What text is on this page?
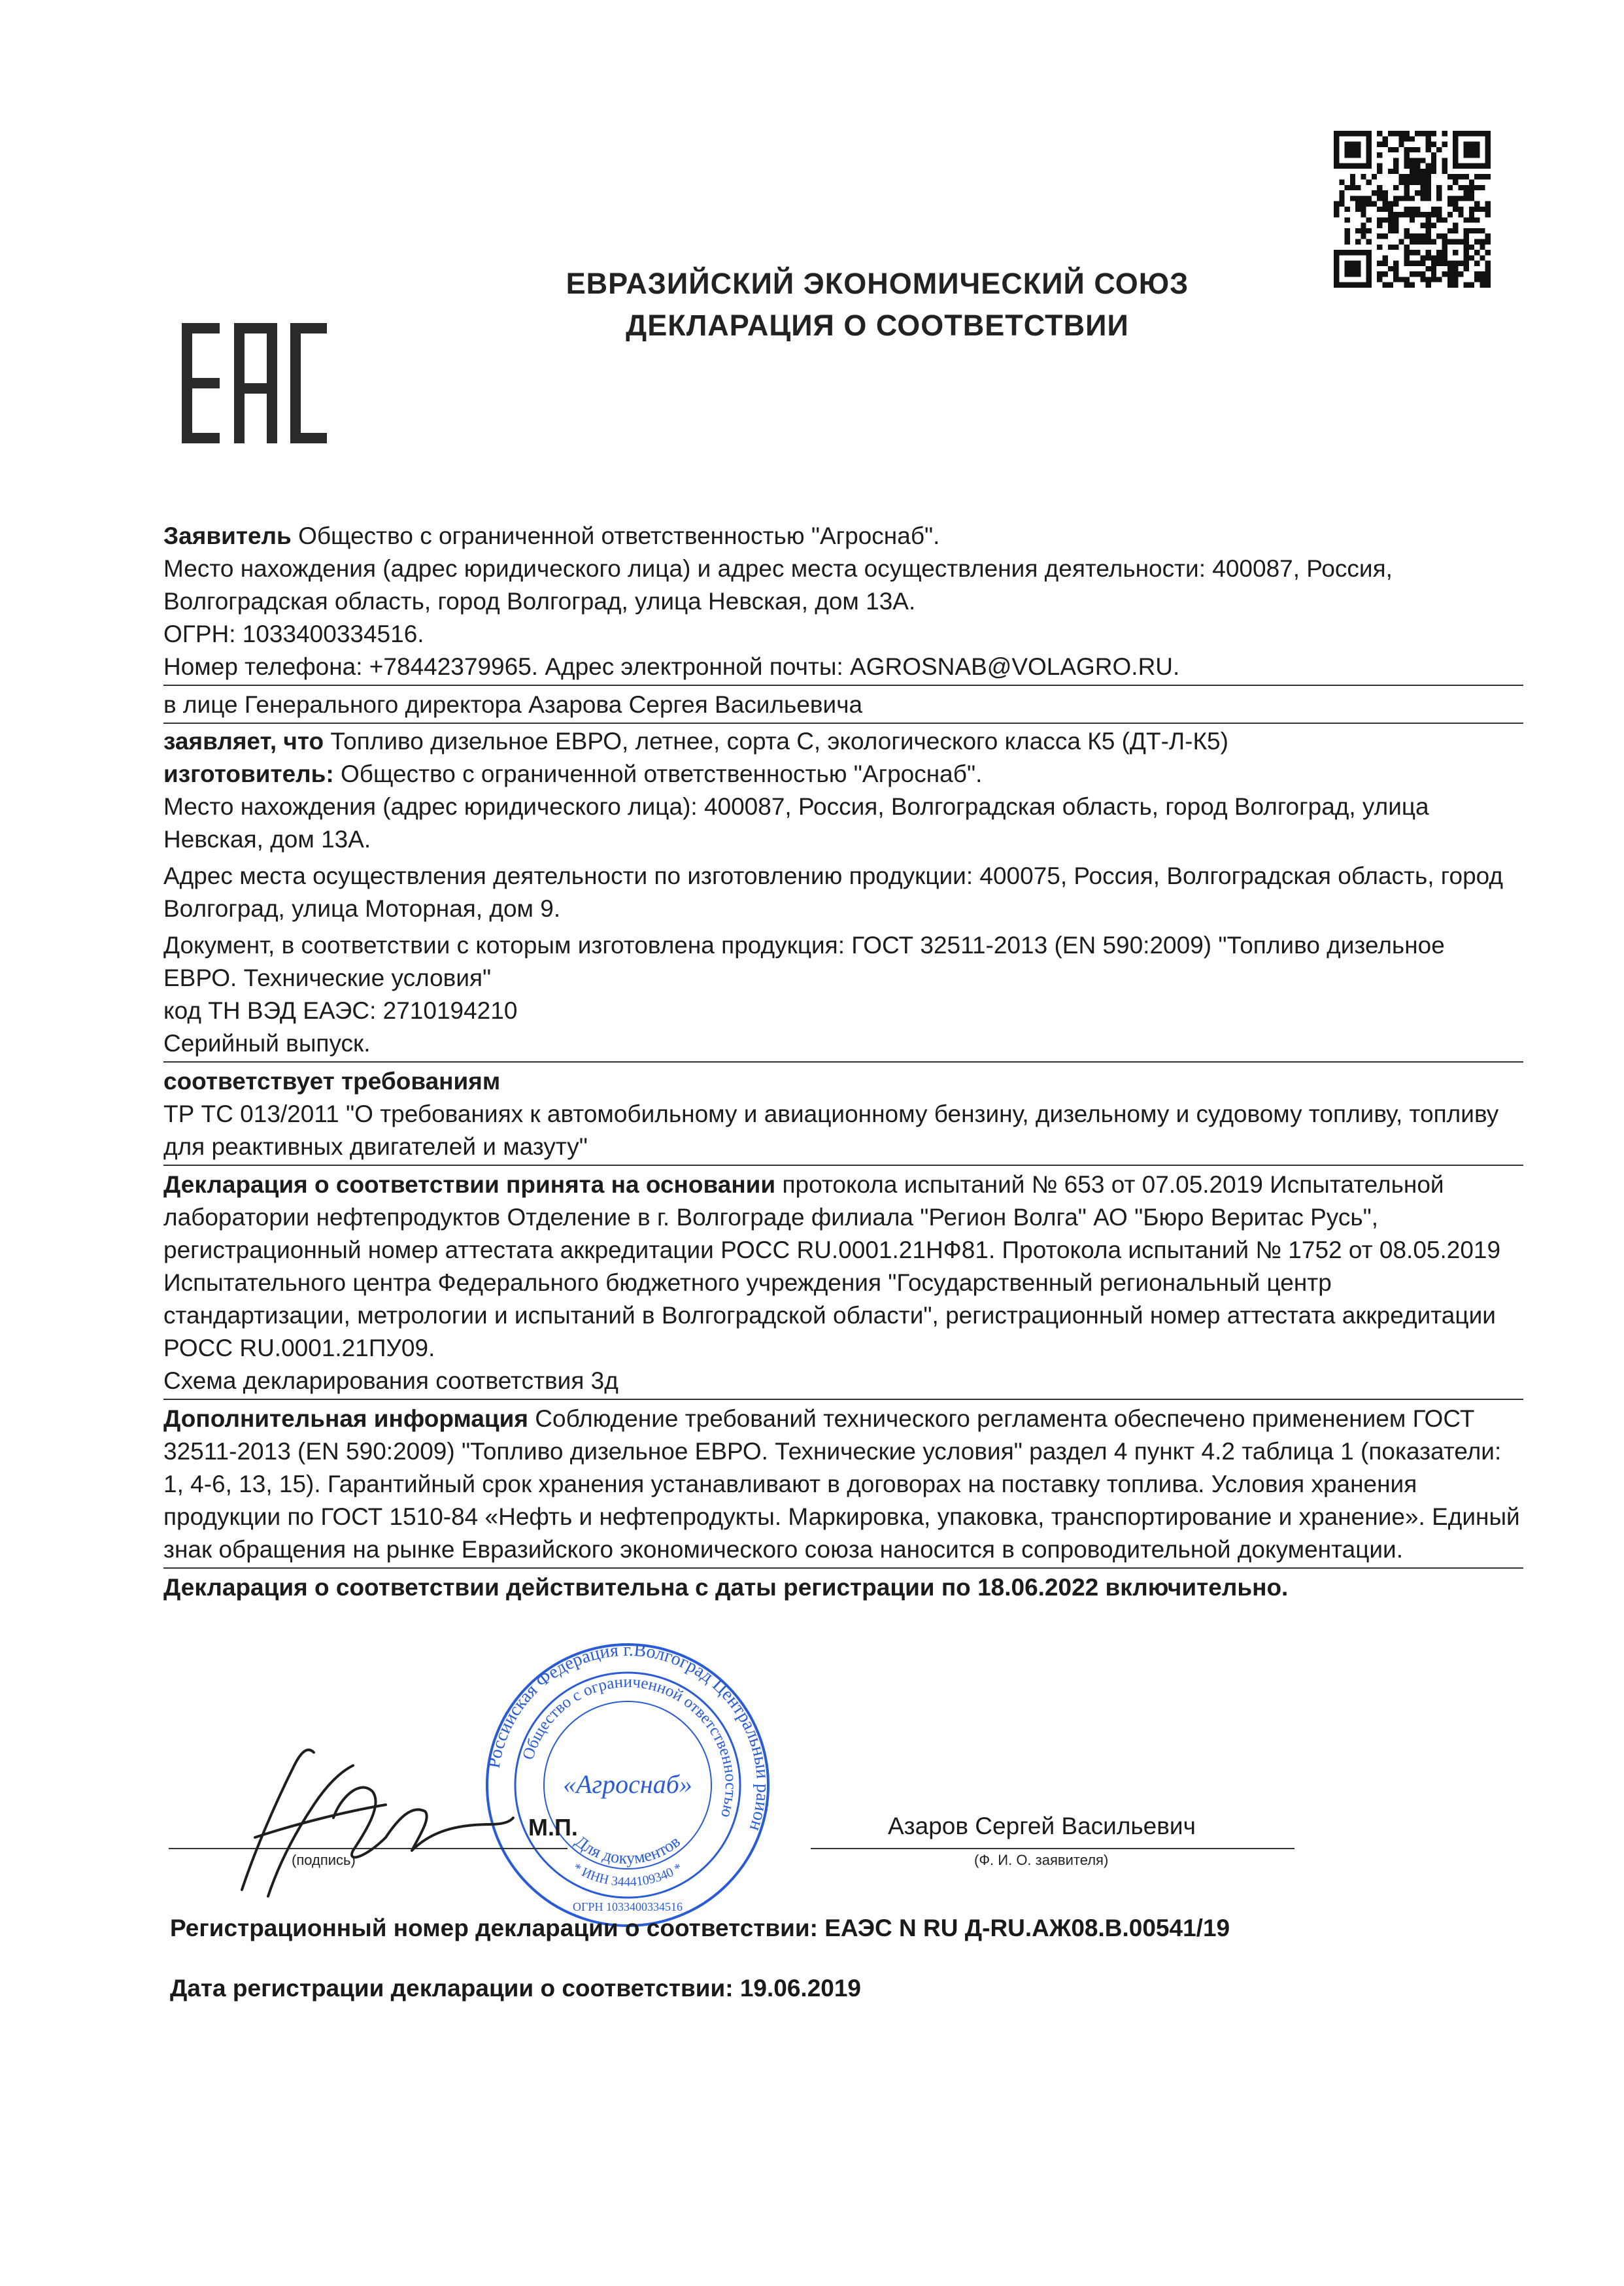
ЕВРАЗИЙСКИЙ ЭКОНОМИЧЕСКИЙ СОЮЗ
ДЕКЛАРАЦИЯ О СООТВЕТСТВИИ

Заявитель Общество с ограниченной ответственностью "Агроснаб".

Место нахождения (адрес юридического лица) и адрес места осуществления деятельности: 400087, Россия, Волгоградская область, город Волгоград, улица Невская, дом 13А.

ОГРН: 1033400334516.

Номер телефона: +78442379965. Адрес электронной почты: AGROSNAB@VOLAGRO.RU.

в лице Генерального директора Азарова Сергея Васильевича

заявляет, что Топливо дизельное ЕВРО, летнее, сорта С, экологического класса К5 (ДТ-Л-К5)

изготовитель: Общество с ограниченной ответственностью "Агроснаб".

Место нахождения (адрес юридического лица): 400087, Россия, Волгоградская область, город Волгоград, улица Невская, дом 13А.

Адрес места осуществления деятельности по изготовлению продукции: 400075, Россия, Волгоградская область, город Волгоград, улица Моторная, дом 9.

Документ, в соответствии с которым изготовлена продукция: ГОСТ 32511-2013 (EN 590:2009) "Топливо дизельное ЕВРО. Технические условия"

код ТН ВЭД ЕАЭС: 2710194210

Серийный выпуск.

соответствует требованиям

ТР ТС 013/2011 "О требованиях к автомобильному и авиационному бензину, дизельному и судовому топливу, топливу для реактивных двигателей и мазуту"

Декларация о соответствии принята на основании протокола испытаний № 653 от 07.05.2019 Испытательной лаборатории нефтепродуктов Отделение в г. Волгограде филиала "Регион Волга" АО "Бюро Веритас Русь", регистрационный номер аттестата аккредитации РОСС RU.0001.21НФ81. Протокола испытаний № 1752 от 08.05.2019 Испытательного центра Федерального бюджетного учреждения "Государственный региональный центр стандартизации, метрологии и испытаний в Волгоградской области", регистрационный номер аттестата аккредитации РОСС RU.0001.21ПУ09.

Схема декларирования соответствия 3д

Дополнительная информация Соблюдение требований технического регламента обеспечено применением ГОСТ 32511-2013 (EN 590:2009) "Топливо дизельное ЕВРО. Технические условия" раздел 4 пункт 4.2 таблица 1 (показатели: 1, 4-6, 13, 15). Гарантийный срок хранения устанавливают в договорах на поставку топлива. Условия хранения продукции по ГОСТ 1510-84 «Нефть и нефтепродукты. Маркировка, упаковка, транспортирование и хранение». Единый знак обращения на рынке Евразийского экономического союза наносится в сопроводительной документации.

Декларация о соответствии действительна с даты регистрации по 18.06.2022 включительно.

Российская Федерация г.Волгоград Центральный район
Общество с ограниченной ответственностью
«Агроснаб»
Для документов
* ИНН 3444109340 *
ОГРН 1033400334516
(подпись)
М.П.	Азаров Сергей Васильевич
(Ф. И. О. заявителя)
Регистрационный номер декларации о соответствии: ЕАЭС N RU Д-RU.АЖ08.В.00541/19
Дата регистрации декларации о соответствии: 19.06.2019
